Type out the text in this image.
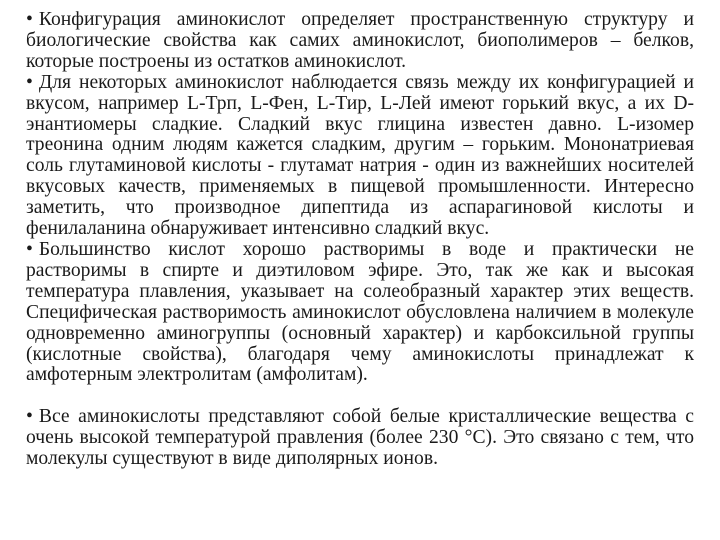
• Конфигурация аминокислот определяет пространственную структуру и биологические свойства как самих аминокислот, биополимеров – белков, которые построены из остатков аминокислот.

• Для некоторых аминокислот наблюдается связь между их конфигурацией и вкусом, например L-Трп, L-Фен, L-Тир, L-Лей имеют горький вкус, а их D-энантиомеры сладкие. Сладкий вкус глицина известен давно. L-изомер треонина одним людям кажется сладким, другим – горьким. Мононатриевая соль глутаминовой кислоты - глутамат натрия - один из важнейших носителей вкусовых качеств, применяемых в пищевой промышленности. Интересно заметить, что производное дипептида из аспарагиновой кислоты и фенилаланина обнаруживает интенсивно сладкий вкус.

• Большинство кислот хорошо растворимы в воде и практически не растворимы в спирте и диэтиловом эфире. Это, так же как и высокая температура плавления, указывает на солеобразный характер этих веществ. Специфическая растворимость аминокислот обусловлена наличием в молекуле одновременно аминогруппы (основный характер) и карбоксильной группы (кислотные свойства), благодаря чему аминокислоты принадлежат к амфотерным электролитам (амфолитам).

• Все аминокислоты представляют собой белые кристаллические вещества с очень высокой температурой правления (более 230 °С). Это связано с тем, что молекулы существуют в виде диполярных ионов.
